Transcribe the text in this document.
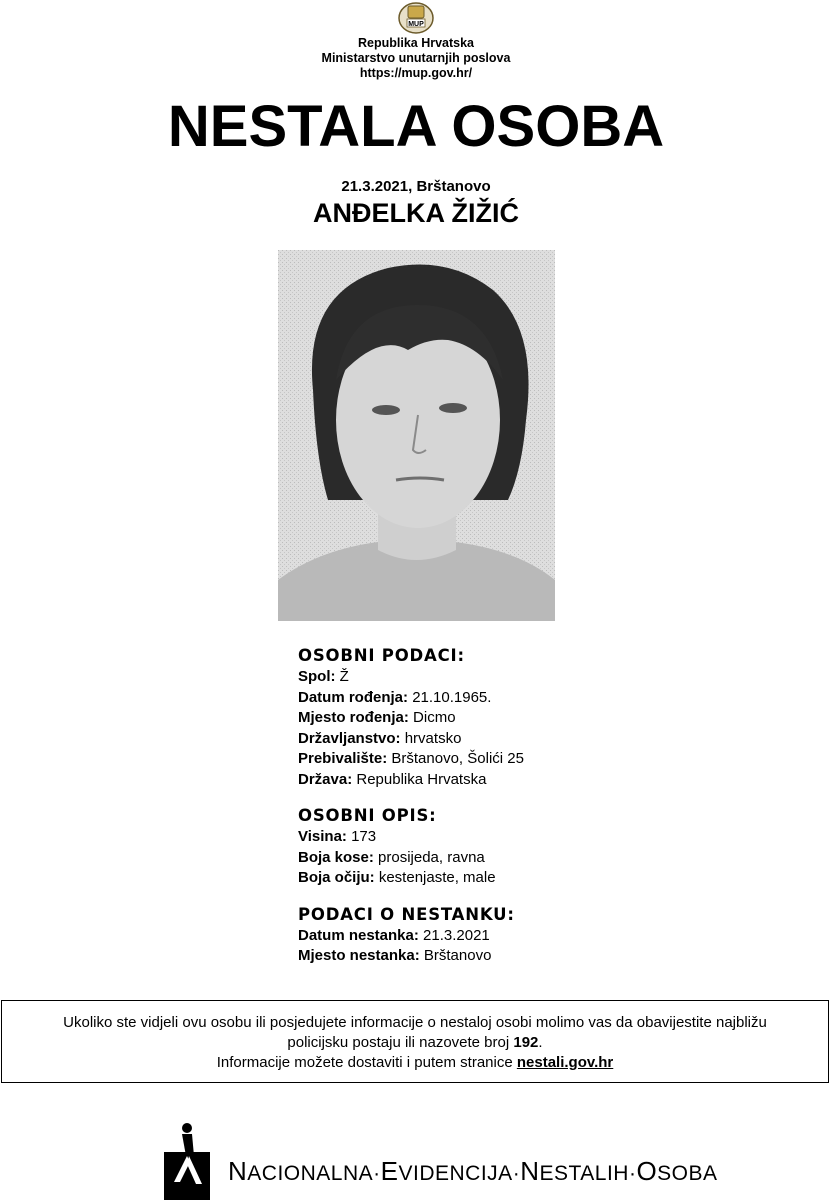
MUP
Republika Hrvatska
Ministarstvo unutarnjih poslova
https://mup.gov.hr/
NESTALA OSOBA
21.3.2021, Brštanovo
ANĐELKA ŽIŽIĆ
OSOBNI PODACI:
Spol: Ž
Datum rođenja: 21.10.1965.
Mjesto rođenja: Dicmo
Državljanstvo: hrvatsko
Prebivalište: Brštanovo, Šolići 25
Država: Republika Hrvatska
OSOBNI OPIS:
Visina: 173
Boja kose: prosijeda, ravna
Boja očiju: kestenjaste, male
PODACI O NESTANKU:
Datum nestanka: 21.3.2021
Mjesto nestanka: Brštanovo
Ukoliko ste vidjeli ovu osobu ili posjedujete informacije o nestaloj osobi molimo vas da obavijestite najbližu
policijsku postaju ili nazovete broj 192.
Informacije možete dostaviti i putem stranice nestali.gov.hr
NACIONALNA·EVIDENCIJA·NESTALIH·OSOBA
